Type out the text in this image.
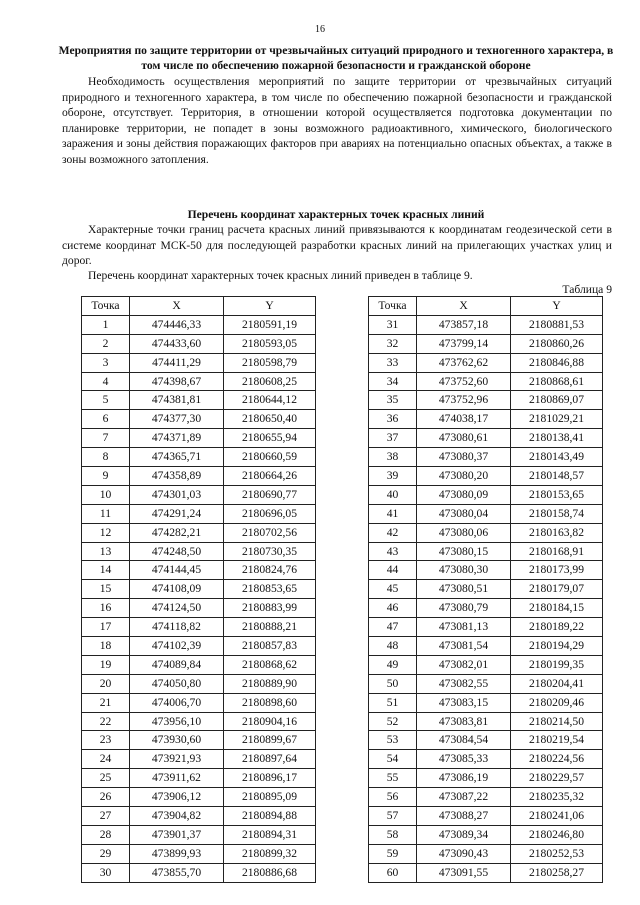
16
Мероприятия по защите территории от чрезвычайных ситуаций природного и техногенного характера, в том числе по обеспечению пожарной безопасности и гражданской обороне
Необходимость осуществления мероприятий по защите территории от чрезвычайных ситуаций природного и техногенного характера, в том числе по обеспечению пожарной безопасности и гражданской обороне, отсутствует. Территория, в отношении которой осуществляется подготовка документации по планировке территории, не попадет в зоны возможного радиоактивного, химического, биологического заражения и зоны действия поражающих факторов при авариях на потенциально опасных объектах, а также в зоны возможного затопления.
Перечень координат характерных точек красных линий
Характерные точки границ расчета красных линий привязываются к координатам геодезической сети в системе координат МСК-50 для последующей разработки красных линий на прилегающих участках улиц и дорог.
Перечень координат характерных точек красных линий приведен в таблице 9.
Таблица 9
Точка	X	Y
1	474446,33	2180591,19
2	474433,60	2180593,05
3	474411,29	2180598,79
4	474398,67	2180608,25
5	474381,81	2180644,12
6	474377,30	2180650,40
7	474371,89	2180655,94
8	474365,71	2180660,59
9	474358,89	2180664,26
10	474301,03	2180690,77
11	474291,24	2180696,05
12	474282,21	2180702,56
13	474248,50	2180730,35
14	474144,45	2180824,76
15	474108,09	2180853,65
16	474124,50	2180883,99
17	474118,82	2180888,21
18	474102,39	2180857,83
19	474089,84	2180868,62
20	474050,80	2180889,90
21	474006,70	2180898,60
22	473956,10	2180904,16
23	473930,60	2180899,67
24	473921,93	2180897,64
25	473911,62	2180896,17
26	473906,12	2180895,09
27	473904,82	2180894,88
28	473901,37	2180894,31
29	473899,93	2180899,32
30	473855,70	2180886,68
Точка	X	Y
31	473857,18	2180881,53
32	473799,14	2180860,26
33	473762,62	2180846,88
34	473752,60	2180868,61
35	473752,96	2180869,07
36	474038,17	2181029,21
37	473080,61	2180138,41
38	473080,37	2180143,49
39	473080,20	2180148,57
40	473080,09	2180153,65
41	473080,04	2180158,74
42	473080,06	2180163,82
43	473080,15	2180168,91
44	473080,30	2180173,99
45	473080,51	2180179,07
46	473080,79	2180184,15
47	473081,13	2180189,22
48	473081,54	2180194,29
49	473082,01	2180199,35
50	473082,55	2180204,41
51	473083,15	2180209,46
52	473083,81	2180214,50
53	473084,54	2180219,54
54	473085,33	2180224,56
55	473086,19	2180229,57
56	473087,22	2180235,32
57	473088,27	2180241,06
58	473089,34	2180246,80
59	473090,43	2180252,53
60	473091,55	2180258,27
